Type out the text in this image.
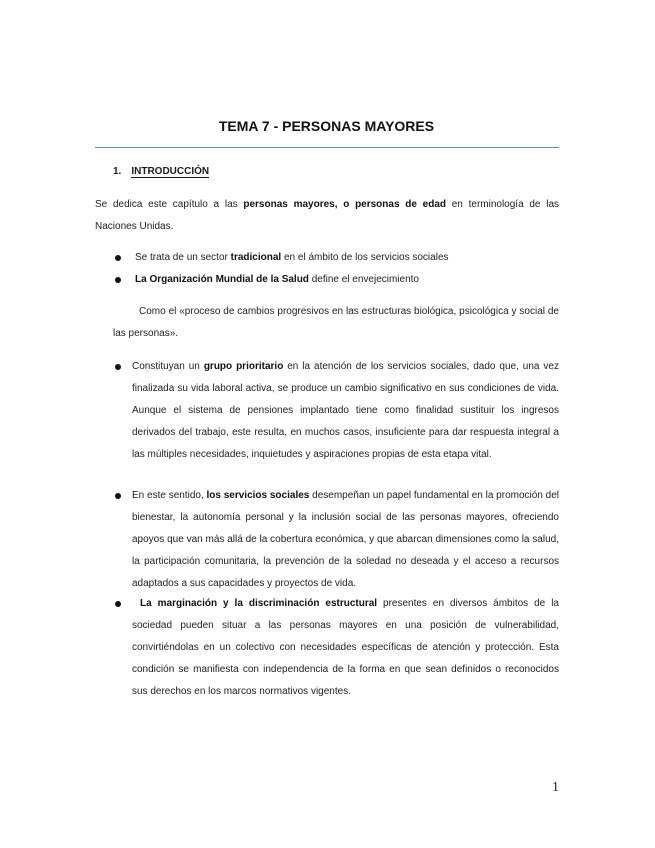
TEMA 7 - PERSONAS MAYORES
1. INTRODUCCIÓN
Se dedica este capítulo a las personas mayores, o personas de edad en terminología de las Naciones Unidas.
Se trata de un sector tradicional en el ámbito de los servicios sociales
La Organización Mundial de la Salud define el envejecimiento
Como el «proceso de cambios progresivos en las estructuras biológica, psicológica y social de las personas».
Constituyan un grupo prioritario en la atención de los servicios sociales, dado que, una vez finalizada su vida laboral activa, se produce un cambio significativo en sus condiciones de vida. Aunque el sistema de pensiones implantado tiene como finalidad sustituir los ingresos derivados del trabajo, este resulta, en muchos casos, insuficiente para dar respuesta integral a las múltiples necesidades, inquietudes y aspiraciones propias de esta etapa vital.
En este sentido, los servicios sociales desempeñan un papel fundamental en la promoción del bienestar, la autonomía personal y la inclusión social de las personas mayores, ofreciendo apoyos que van más allá de la cobertura económica, y que abarcan dimensiones como la salud, la participación comunitaria, la prevención de la soledad no deseada y el acceso a recursos adaptados a sus capacidades y proyectos de vida.
La marginación y la discriminación estructural presentes en diversos ámbitos de la sociedad pueden situar a las personas mayores en una posición de vulnerabilidad, convirtiéndolas en un colectivo con necesidades específicas de atención y protección. Esta condición se manifiesta con independencia de la forma en que sean definidos o reconocidos sus derechos en los marcos normativos vigentes.
1
